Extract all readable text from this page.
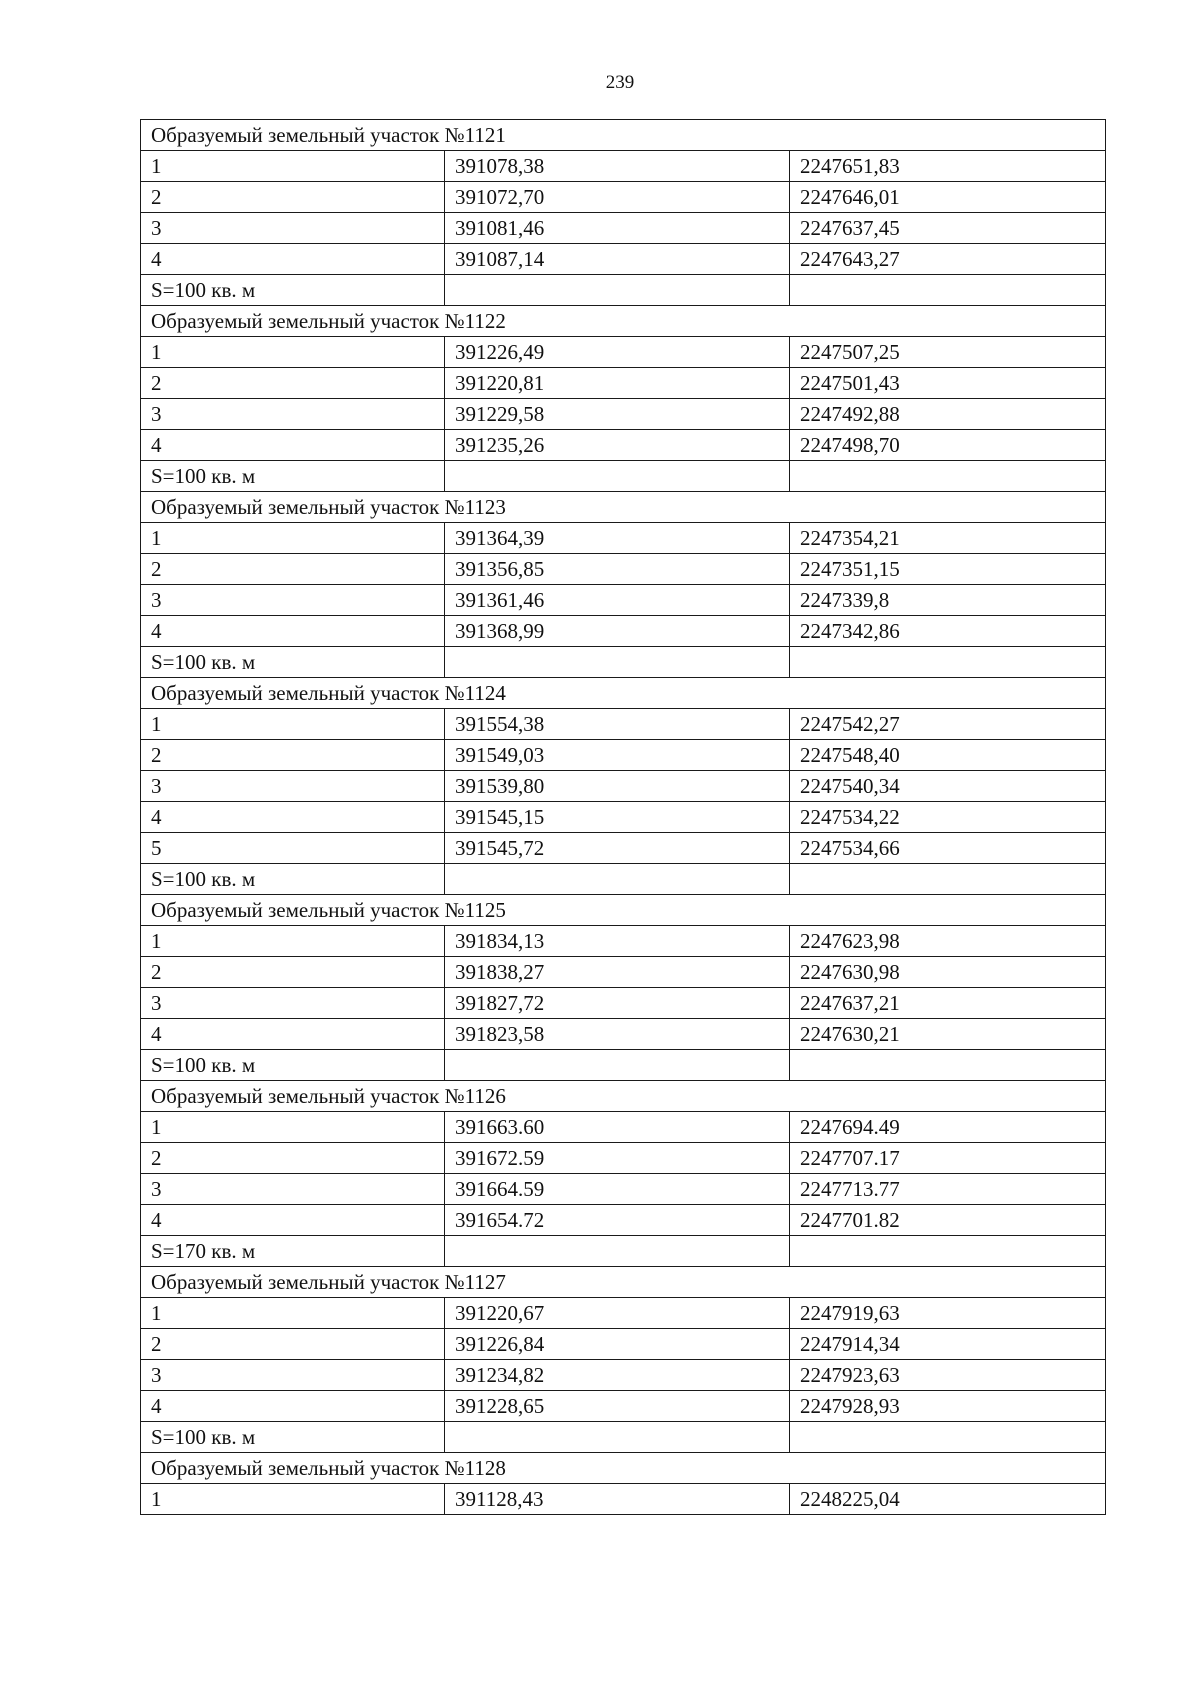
239
Образуемый земельный участок №1121		
1	391078,38	2247651,83
2	391072,70	2247646,01
3	391081,46	2247637,45
4	391087,14	2247643,27
S=100 кв. м		
Образуемый земельный участок №1122		
1	391226,49	2247507,25
2	391220,81	2247501,43
3	391229,58	2247492,88
4	391235,26	2247498,70
S=100 кв. м		
Образуемый земельный участок №1123		
1	391364,39	2247354,21
2	391356,85	2247351,15
3	391361,46	2247339,8
4	391368,99	2247342,86
S=100 кв. м		
Образуемый земельный участок №1124		
1	391554,38	2247542,27
2	391549,03	2247548,40
3	391539,80	2247540,34
4	391545,15	2247534,22
5	391545,72	2247534,66
S=100 кв. м		
Образуемый земельный участок №1125		
1	391834,13	2247623,98
2	391838,27	2247630,98
3	391827,72	2247637,21
4	391823,58	2247630,21
S=100 кв. м		
Образуемый земельный участок №1126		
1	391663.60	2247694.49
2	391672.59	2247707.17
3	391664.59	2247713.77
4	391654.72	2247701.82
S=170 кв. м		
Образуемый земельный участок №1127		
1	391220,67	2247919,63
2	391226,84	2247914,34
3	391234,82	2247923,63
4	391228,65	2247928,93
S=100 кв. м		
Образуемый земельный участок №1128		
1	391128,43	2248225,04
